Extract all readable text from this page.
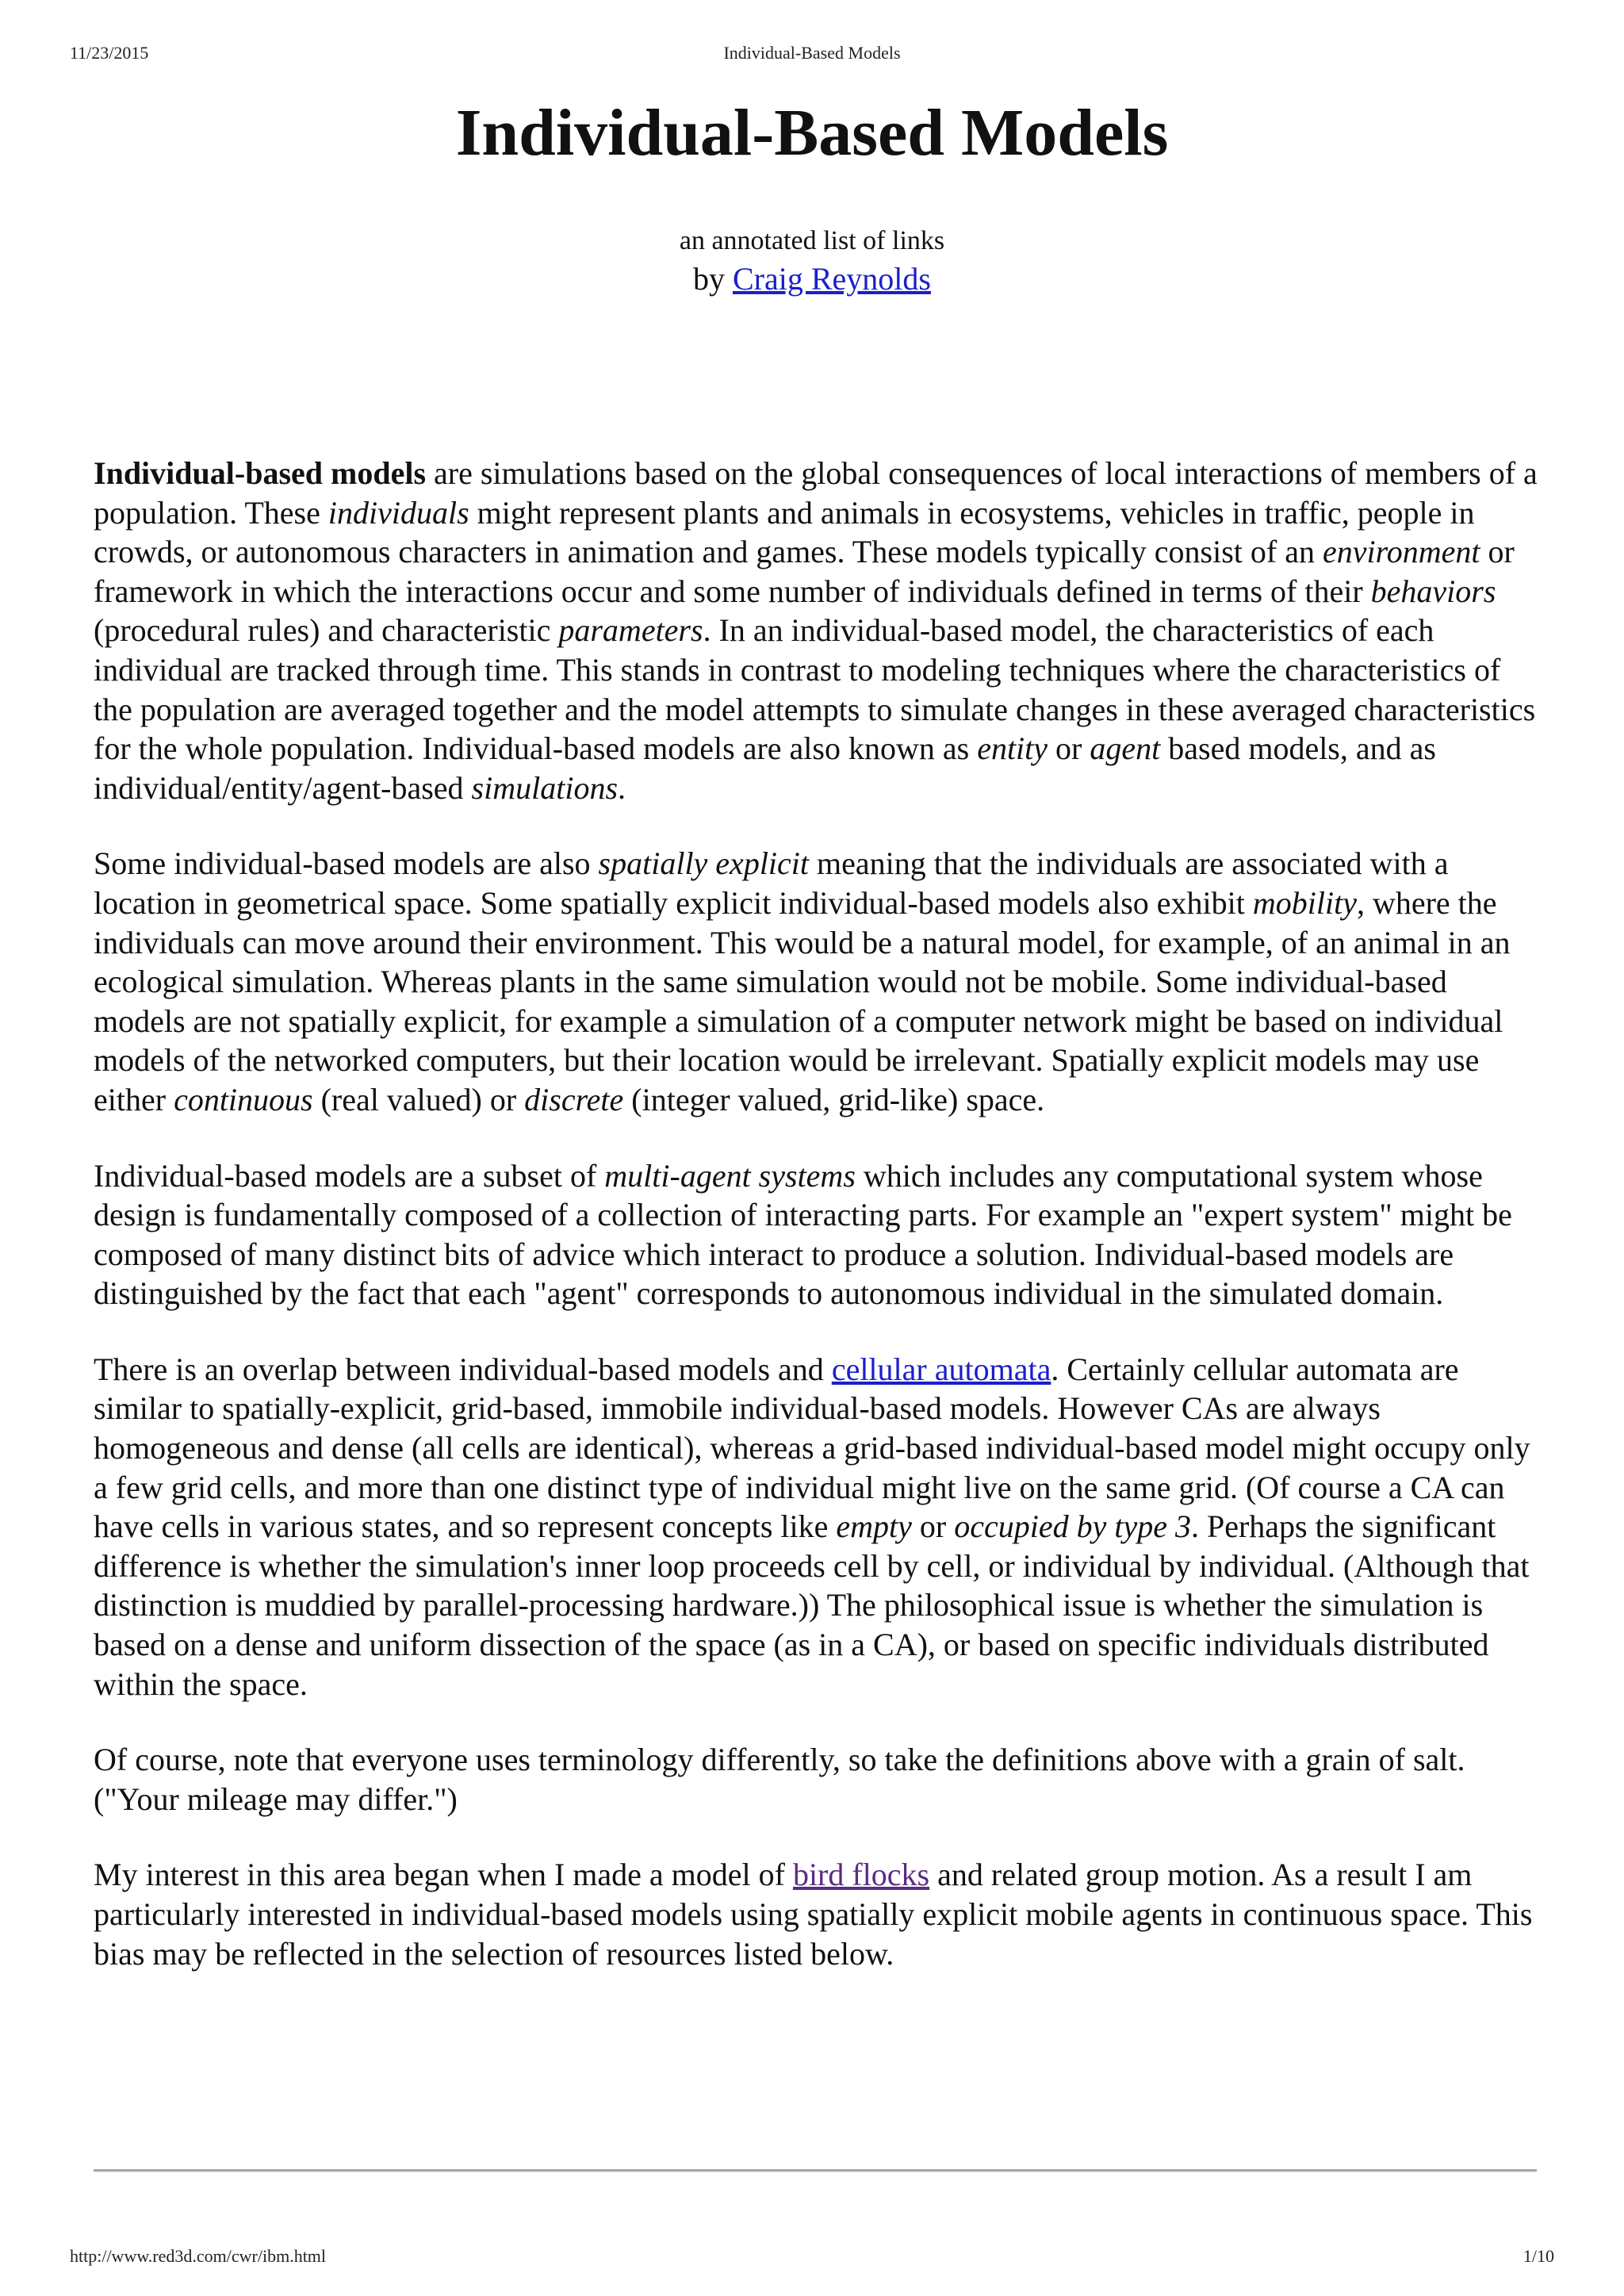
11/23/2015	Individual-Based Models
Individual-Based Models
an annotated list of links
by Craig Reynolds

Individual-based models are simulations based on the global consequences of local interactions of members of a population. These individuals might represent plants and animals in ecosystems, vehicles in traffic, people in crowds, or autonomous characters in animation and games. These models typically consist of an environment or framework in which the interactions occur and some number of individuals defined in terms of their behaviors (procedural rules) and characteristic parameters. In an individual-based model, the characteristics of each individual are tracked through time. This stands in contrast to modeling techniques where the characteristics of the population are averaged together and the model attempts to simulate changes in these averaged characteristics for the whole population. Individual-based models are also known as entity or agent based models, and as individual/entity/agent-based simulations.

Some individual-based models are also spatially explicit meaning that the individuals are associated with a location in geometrical space. Some spatially explicit individual-based models also exhibit mobility, where the individuals can move around their environment. This would be a natural model, for example, of an animal in an ecological simulation. Whereas plants in the same simulation would not be mobile. Some individual-based models are not spatially explicit, for example a simulation of a computer network might be based on individual models of the networked computers, but their location would be irrelevant. Spatially explicit models may use either continuous (real valued) or discrete (integer valued, grid-like) space.

Individual-based models are a subset of multi-agent systems which includes any computational system whose design is fundamentally composed of a collection of interacting parts. For example an "expert system" might be composed of many distinct bits of advice which interact to produce a solution. Individual-based models are distinguished by the fact that each "agent" corresponds to autonomous individual in the simulated domain.

There is an overlap between individual-based models and cellular automata. Certainly cellular automata are similar to spatially-explicit, grid-based, immobile individual-based models. However CAs are always homogeneous and dense (all cells are identical), whereas a grid-based individual-based model might occupy only a few grid cells, and more than one distinct type of individual might live on the same grid. (Of course a CA can have cells in various states, and so represent concepts like empty or occupied by type 3. Perhaps the significant difference is whether the simulation's inner loop proceeds cell by cell, or individual by individual. (Although that distinction is muddied by parallel-processing hardware.)) The philosophical issue is whether the simulation is based on a dense and uniform dissection of the space (as in a CA), or based on specific individuals distributed within the space.

Of course, note that everyone uses terminology differently, so take the definitions above with a grain of salt. ("Your mileage may differ.")

My interest in this area began when I made a model of bird flocks and related group motion. As a result I am particularly interested in individual-based models using spatially explicit mobile agents in continuous space. This bias may be reflected in the selection of resources listed below.

http://www.red3d.com/cwr/ibm.html	1/10
